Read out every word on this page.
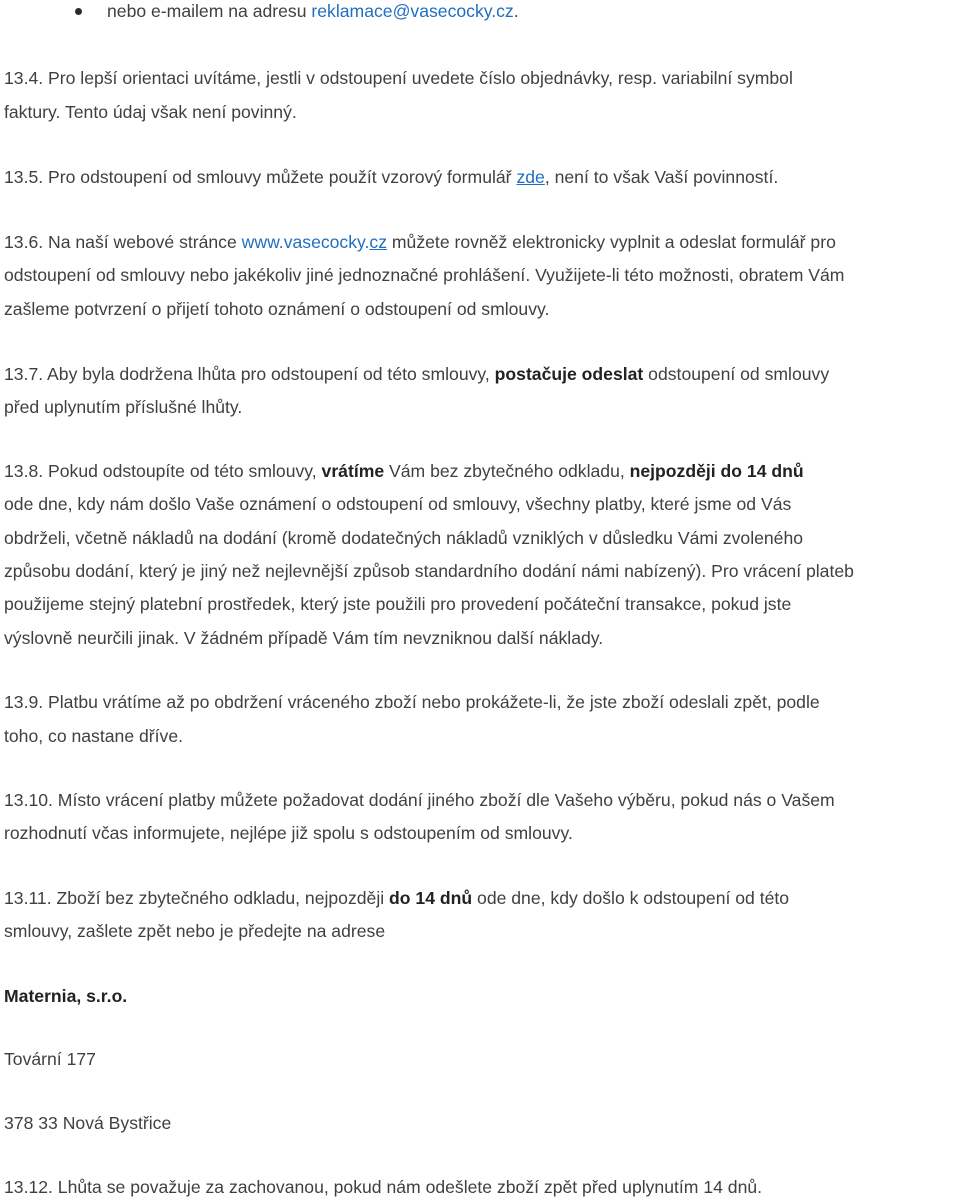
nebo e-mailem na adresu reklamace@vasecocky.cz.
13.4. Pro lepší orientaci uvítáme, jestli v odstoupení uvedete číslo objednávky, resp. variabilní symbol
faktury. Tento údaj však není povinný.
13.5. Pro odstoupení od smlouvy můžete použít vzorový formulář zde, není to však Vaší povinností.
13.6. Na naší webové stránce www.vasecocky.cz můžete rovněž elektronicky vyplnit a odeslat formulář pro
odstoupení od smlouvy nebo jakékoliv jiné jednoznačné prohlášení. Využijete-li této možnosti, obratem Vám
zašleme potvrzení o přijetí tohoto oznámení o odstoupení od smlouvy.
13.7. Aby byla dodržena lhůta pro odstoupení od této smlouvy, postačuje odeslat odstoupení od smlouvy
před uplynutím příslušné lhůty.
13.8. Pokud odstoupíte od této smlouvy, vrátíme Vám bez zbytečného odkladu, nejpozději do 14 dnů
ode dne, kdy nám došlo Vaše oznámení o odstoupení od smlouvy, všechny platby, které jsme od Vás
obdrželi, včetně nákladů na dodání (kromě dodatečných nákladů vzniklých v důsledku Vámi zvoleného
způsobu dodání, který je jiný než nejlevnější způsob standardního dodání námi nabízený). Pro vrácení plateb
použijeme stejný platební prostředek, který jste použili pro provedení počáteční transakce, pokud jste
výslovně neurčili jinak. V žádném případě Vám tím nevzniknou další náklady.
13.9. Platbu vrátíme až po obdržení vráceného zboží nebo prokážete-li, že jste zboží odeslali zpět, podle
toho, co nastane dříve.
13.10. Místo vrácení platby můžete požadovat dodání jiného zboží dle Vašeho výběru, pokud nás o Vašem
rozhodnutí včas informujete, nejlépe již spolu s odstoupením od smlouvy.
13.11. Zboží bez zbytečného odkladu, nejpozději do 14 dnů ode dne, kdy došlo k odstoupení od této
smlouvy, zašlete zpět nebo je předejte na adrese
Maternia, s.r.o.
Tovární 177
378 33 Nová Bystřice
13.12. Lhůta se považuje za zachovanou, pokud nám odešlete zboží zpět před uplynutím 14 dnů.
